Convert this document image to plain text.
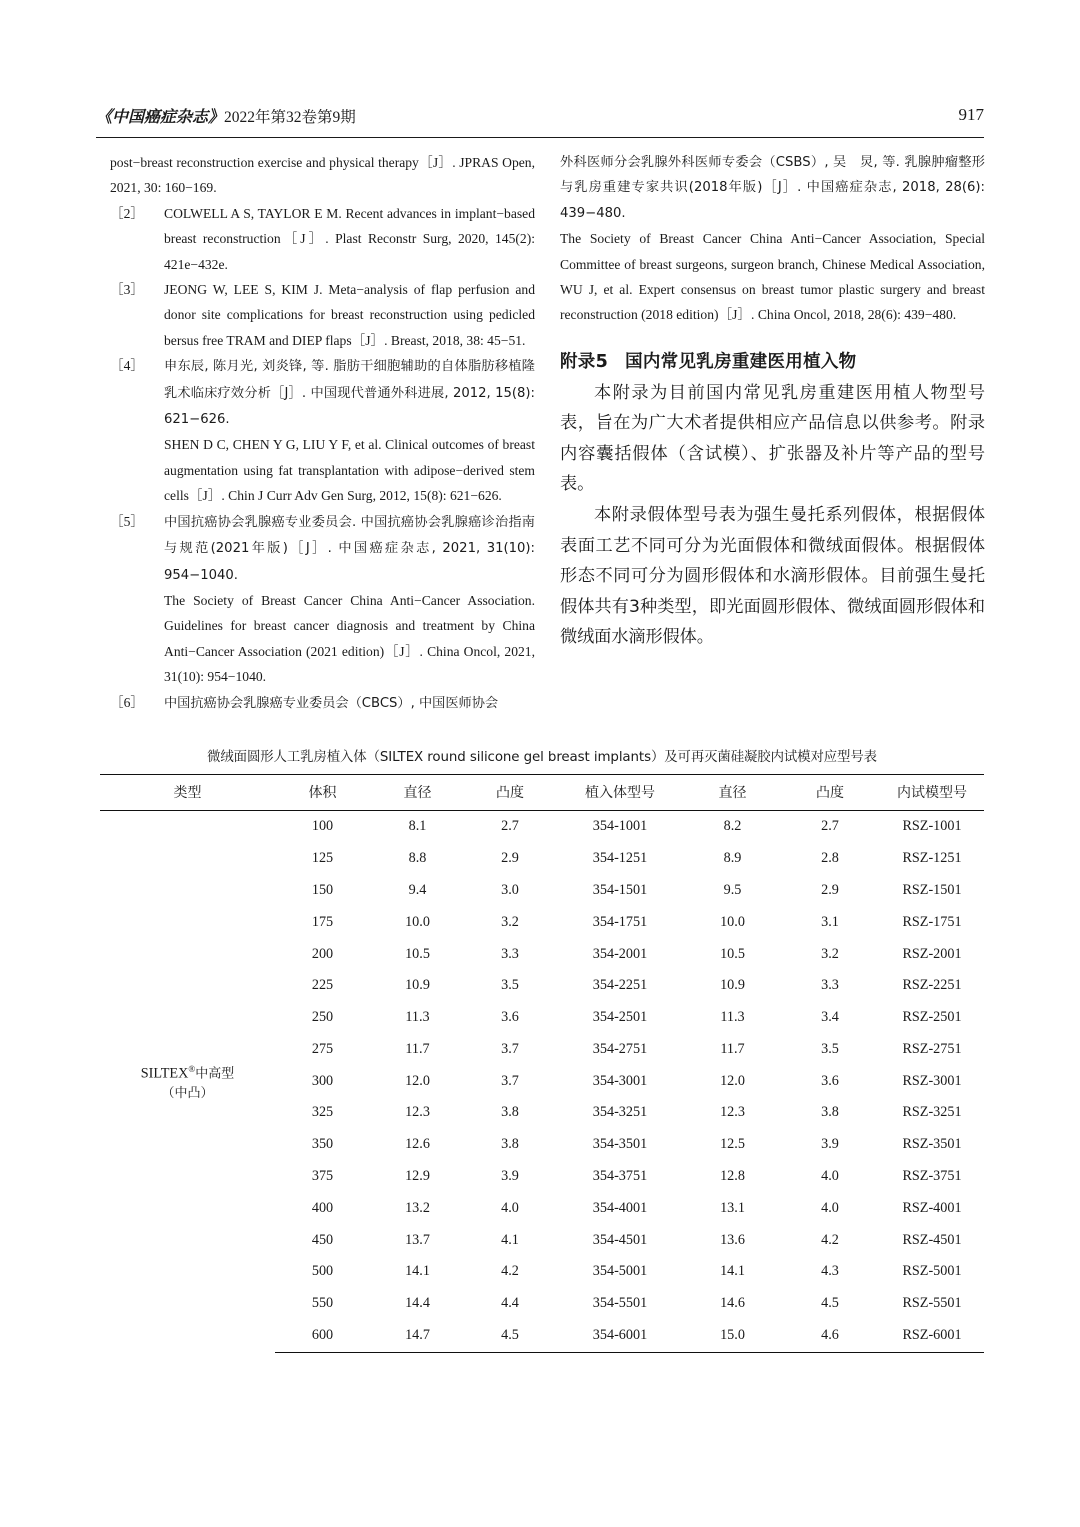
《中国癌症杂志》2022年第32卷第9期	917

post−breast reconstruction exercise and physical therapy［J］. JPRAS Open, 2021, 30: 160−169.

［2］	COLWELL A S, TAYLOR E M. Recent advances in implant−based breast reconstruction［J］. Plast Reconstr Surg, 2020, 145(2): 421e−432e.

［3］	JEONG W, LEE S, KIM J. Meta−analysis of flap perfusion and donor site complications for breast reconstruction using pedicled bersus free TRAM and DIEP flaps［J］. Breast, 2018, 38: 45−51.

［4］	申东辰, 陈月光, 刘炎锋, 等. 脂肪干细胞辅助的自体脂肪移植隆乳术临床疗效分析［J］. 中国现代普通外科进展, 2012, 15(8): 621−626.

SHEN D C, CHEN Y G, LIU Y F, et al. Clinical outcomes of breast augmentation using fat transplantation with adipose−derived stem cells［J］. Chin J Curr Adv Gen Surg, 2012, 15(8): 621−626.

［5］	中国抗癌协会乳腺癌专业委员会. 中国抗癌协会乳腺癌诊治指南与规范(2021年版)［J］. 中国癌症杂志, 2021, 31(10): 954−1040.

The Society of Breast Cancer China Anti−Cancer Association. Guidelines for breast cancer diagnosis and treatment by China Anti−Cancer Association (2021 edition)［J］. China Oncol, 2021, 31(10): 954−1040.

［6］	中国抗癌协会乳腺癌专业委员会（CBCS）, 中国医师协会

外科医师分会乳腺外科医师专委会（CSBS）, 吴　炅, 等. 乳腺肿瘤整形与乳房重建专家共识(2018年版)［J］. 中国癌症杂志, 2018, 28(6): 439−480.

The Society of Breast Cancer China Anti−Cancer Association, Special Committee of breast surgeons, surgeon branch, Chinese Medical Association, WU J, et al. Expert consensus on breast tumor plastic surgery and breast reconstruction (2018 edition)［J］. China Oncol, 2018, 28(6): 439−480.

附录5 国内常见乳房重建医用植入物

本附录为目前国内常见乳房重建医用植人物型号表，旨在为广大术者提供相应产品信息以供参考。附录内容囊括假体（含试模）、扩张器及补片等产品的型号表。

本附录假体型号表为强生曼托系列假体，根据假体表面工艺不同可分为光面假体和微绒面假体。根据假体形态不同可分为圆形假体和水滴形假体。目前强生曼托假体共有3种类型，即光面圆形假体、微绒面圆形假体和微绒面水滴形假体。

微绒面圆形人工乳房植入体（SILTEX round silicone gel breast implants）及可再灭菌硅凝胶内试模对应型号表
类型	体积	直径	凸度	植入体型号	直径	凸度	内试模型号
SILTEX®中高型
（中凸）	100	8.1	2.7	354-1001	8.2	2.7	RSZ-1001
	125	8.8	2.9	354-1251	8.9	2.8	RSZ-1251
	150	9.4	3.0	354-1501	9.5	2.9	RSZ-1501
	175	10.0	3.2	354-1751	10.0	3.1	RSZ-1751
	200	10.5	3.3	354-2001	10.5	3.2	RSZ-2001
	225	10.9	3.5	354-2251	10.9	3.3	RSZ-2251
	250	11.3	3.6	354-2501	11.3	3.4	RSZ-2501
	275	11.7	3.7	354-2751	11.7	3.5	RSZ-2751
	300	12.0	3.7	354-3001	12.0	3.6	RSZ-3001
	325	12.3	3.8	354-3251	12.3	3.8	RSZ-3251
	350	12.6	3.8	354-3501	12.5	3.9	RSZ-3501
	375	12.9	3.9	354-3751	12.8	4.0	RSZ-3751
	400	13.2	4.0	354-4001	13.1	4.0	RSZ-4001
	450	13.7	4.1	354-4501	13.6	4.2	RSZ-4501
	500	14.1	4.2	354-5001	14.1	4.3	RSZ-5001
	550	14.4	4.4	354-5501	14.6	4.5	RSZ-5501
	600	14.7	4.5	354-6001	15.0	4.6	RSZ-6001
